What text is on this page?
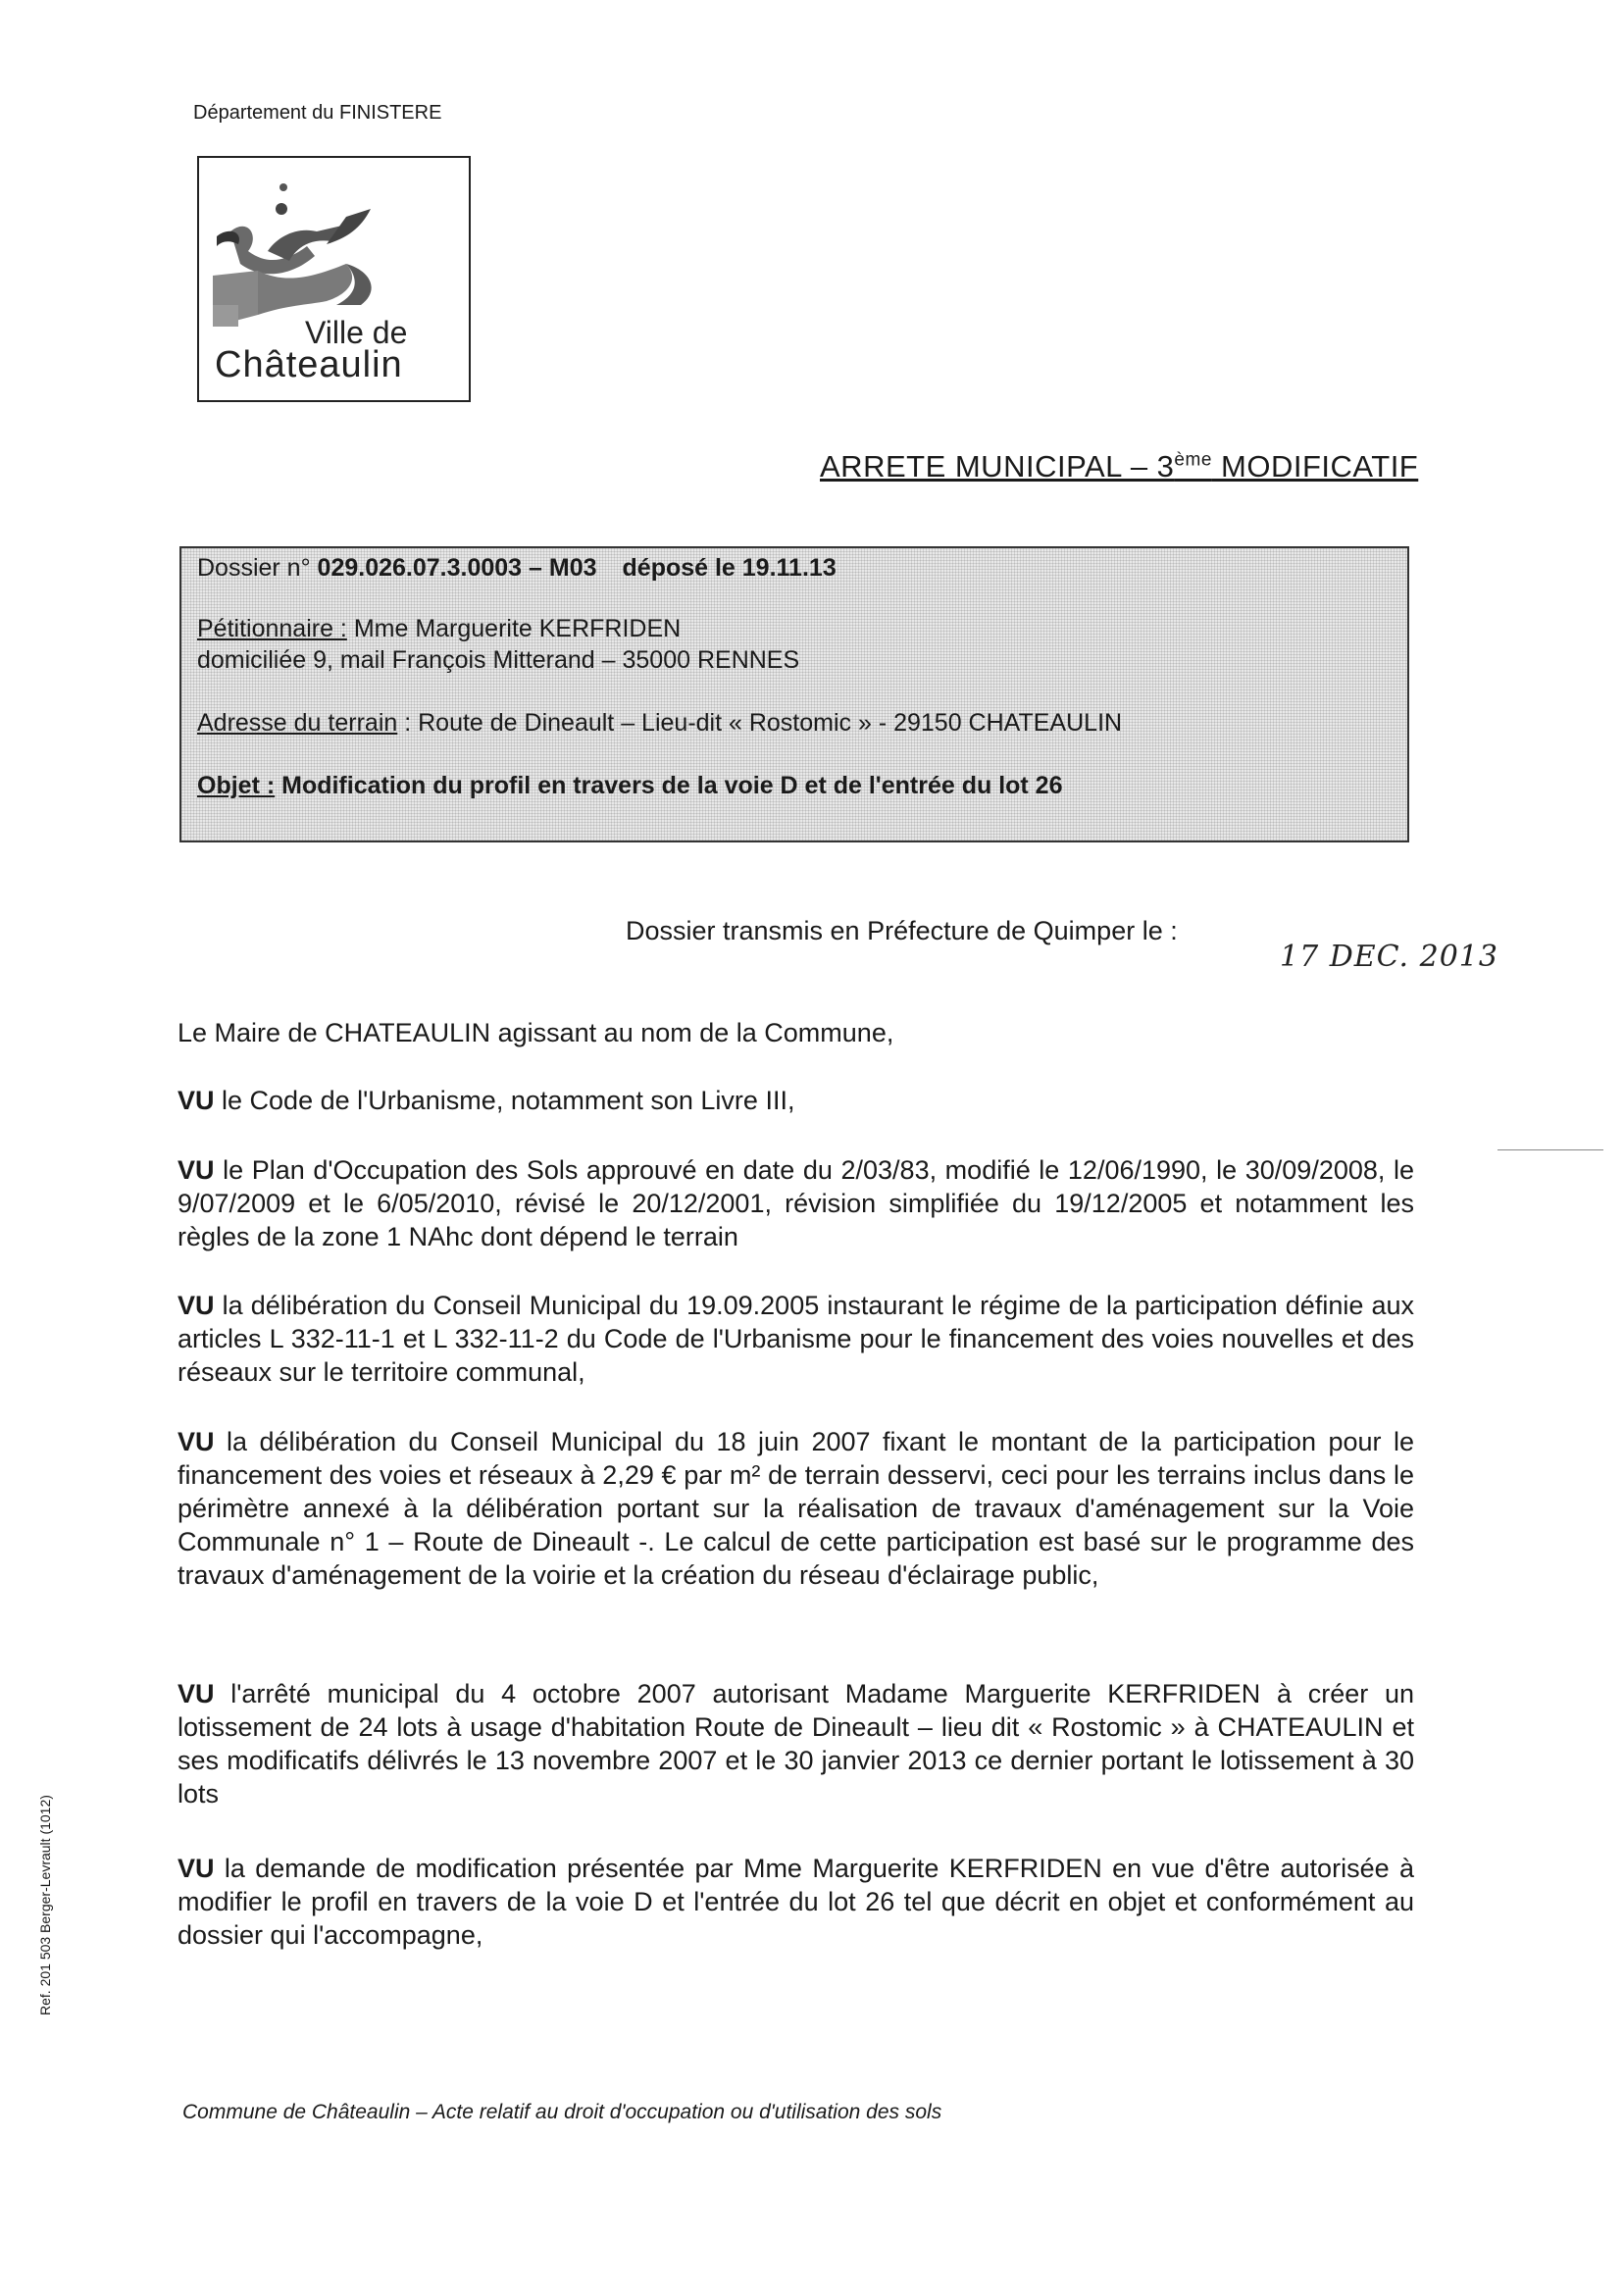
Département du FINISTERE
Ville de
Châteaulin
ARRETE MUNICIPAL – 3ème MODIFICATIF
Dossier n° 029.026.07.3.0003 – M03 déposé le 19.11.13
Pétitionnaire : Mme Marguerite KERFRIDEN
domiciliée 9, mail François Mitterand – 35000 RENNES
Adresse du terrain : Route de Dineault – Lieu-dit « Rostomic » - 29150 CHATEAULIN
Objet : Modification du profil en travers de la voie D et de l'entrée du lot 26
Dossier transmis en Préfecture de Quimper le :
17 DEC. 2013
Le Maire de CHATEAULIN agissant au nom de la Commune,
VU le Code de l'Urbanisme, notamment son Livre III,
VU le Plan d'Occupation des Sols approuvé en date du 2/03/83, modifié le 12/06/1990, le 30/09/2008, le 9/07/2009 et le 6/05/2010, révisé le 20/12/2001, révision simplifiée du 19/12/2005 et notamment les règles de la zone 1 NAhc dont dépend le terrain
VU la délibération du Conseil Municipal du 19.09.2005 instaurant le régime de la participation définie aux articles L 332-11-1 et L 332-11-2 du Code de l'Urbanisme pour le financement des voies nouvelles et des réseaux sur le territoire communal,
VU la délibération du Conseil Municipal du 18 juin 2007 fixant le montant de la participation pour le financement des voies et réseaux à 2,29 € par m² de terrain desservi, ceci pour les terrains inclus dans le périmètre annexé à la délibération portant sur la réalisation de travaux d'aménagement sur la Voie Communale n° 1 – Route de Dineault -. Le calcul de cette participation est basé sur le programme des travaux d'aménagement de la voirie et la création du réseau d'éclairage public,
VU l'arrêté municipal du 4 octobre 2007 autorisant Madame Marguerite KERFRIDEN à créer un lotissement de 24 lots à usage d'habitation Route de Dineault – lieu dit « Rostomic » à CHATEAULIN et ses modificatifs délivrés le 13 novembre 2007 et le 30 janvier 2013 ce dernier portant le lotissement à 30 lots
VU la demande de modification présentée par Mme Marguerite KERFRIDEN en vue d'être autorisée à modifier le profil en travers de la voie D et l'entrée du lot 26 tel que décrit en objet et conformément au dossier qui l'accompagne,
Commune de Châteaulin – Acte relatif au droit d'occupation ou d'utilisation des sols
Ref. 201 503 Berger-Levrault (1012)
